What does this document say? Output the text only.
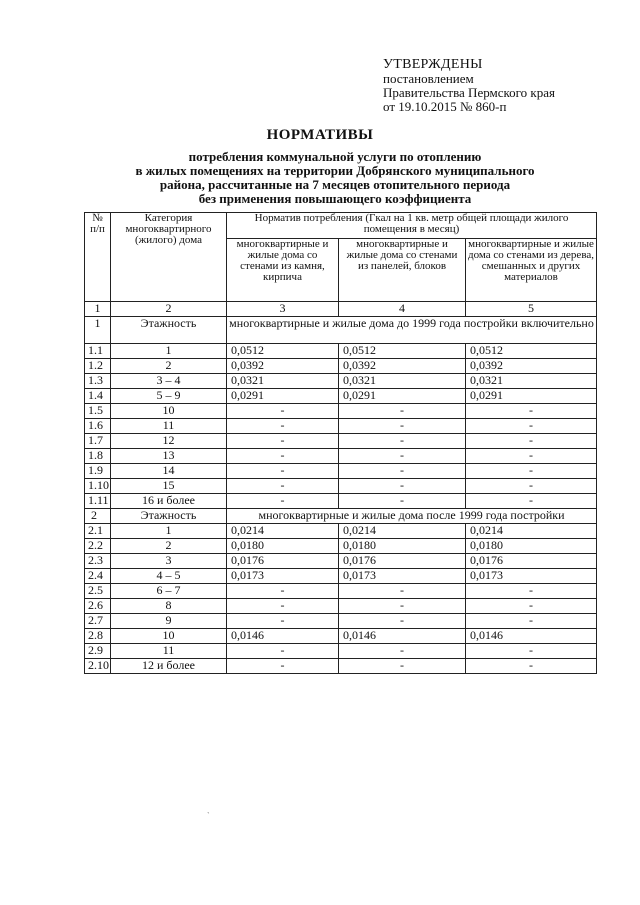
УТВЕРЖДЕНЫ
постановлением
Правительства Пермского края
от 19.10.2015 № 860-п
НОРМАТИВЫ
потребления коммунальной услуги по отоплению
в жилых помещениях на территории Добрянского муниципального
района, рассчитанные на 7 месяцев отопительного периода
без применения повышающего коэффициента
№ п/п	Категория многоквартирного (жилого) дома	Норматив потребления (Гкал на 1 кв. метр общей площади жилого помещения в месяц)		
		многоквартирные и жилые дома со стенами из камня, кирпича	многоквартирные и жилые дома со стенами из панелей, блоков	многоквартирные и жилые дома со стенами из дерева, смешанных и других материалов
1	2	3	4	5
1	Этажность	многоквартирные и жилые дома до 1999 года постройки включительно		
1.1	1	0,0512	0,0512	0,0512
1.2	2	0,0392	0,0392	0,0392
1.3	3 – 4	0,0321	0,0321	0,0321
1.4	5 – 9	0,0291	0,0291	0,0291
1.5	10	-	-	-
1.6	11	-	-	-
1.7	12	-	-	-
1.8	13	-	-	-
1.9	14	-	-	-
1.10	15	-	-	-
1.11	16 и более	-	-	-
2	Этажность	многоквартирные и жилые дома после 1999 года постройки		
2.1	1	0,0214	0,0214	0,0214
2.2	2	0,0180	0,0180	0,0180
2.3	3	0,0176	0,0176	0,0176
2.4	4 – 5	0,0173	0,0173	0,0173
2.5	6 – 7	-	-	-
2.6	8	-	-	-
2.7	9	-	-	-
2.8	10	0,0146	0,0146	0,0146
2.9	11	-	-	-
2.10	12 и более	-	-	-
`
